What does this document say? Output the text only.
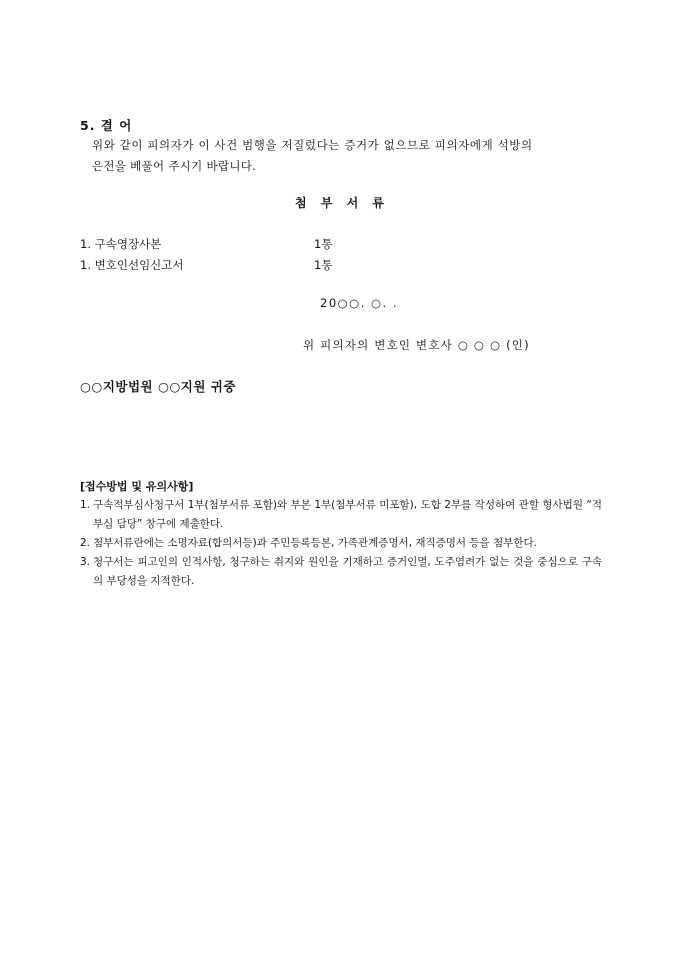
5. 결 어
위와 같이 피의자가 이 사건 범행을 저질렀다는 증거가 없으므로 피의자에게 석방의
은전을 베풀어 주시기 바랍니다.
첨 부 서 류
1. 구속영장사본	1통
1. 변호인선임신고서	1통
20○○. ○. .
위 피의자의 변호인 변호사 ○ ○ ○ (인)
○○지방법원 ○○지원 귀중
[접수방법 및 유의사항]
1. 구속적부심사청구서 1부(첨부서류 포함)와 부본 1부(첨부서류 미포함), 도합 2부를 작성하여 관할 형사법원 “적부심 담당” 창구에 제출한다.
2. 첨부서류란에는 소명자료(합의서등)과 주민등록등본, 가족관계증명서, 재직증명서 등을 첨부한다.
3. 청구서는 피고인의 인적사항, 청구하는 취지와 원인을 기재하고 증거인멸, 도주염려가 없는 것을 중심으로 구속의 부당성을 지적한다.
